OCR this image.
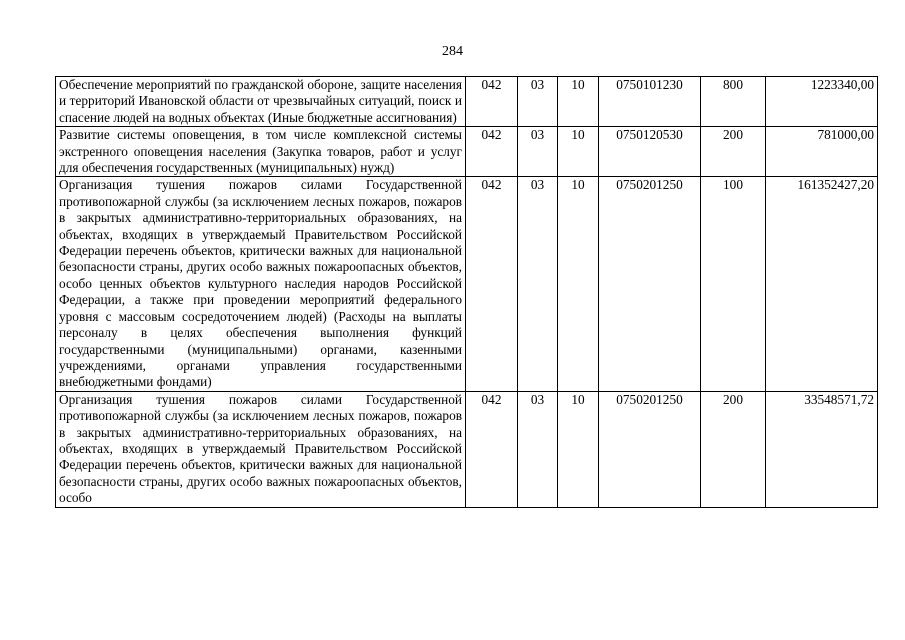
284
Обеспечение мероприятий по гражданской обороне, защите населения и территорий Ивановской области от чрезвычайных ситуаций, поиск и спасение людей на водных объектах (Иные бюджетные ассигнования)	042	03	10	0750101230	800	1223340,00
Развитие системы оповещения, в том числе комплексной системы экстренного оповещения населения (Закупка товаров, работ и услуг для обеспечения государственных (муниципальных) нужд)	042	03	10	0750120530	200	781000,00
Организация тушения пожаров силами Государственной противопожарной службы (за исключением лесных пожаров, пожаров в закрытых административно-территориальных образованиях, на объектах, входящих в утверждаемый Правительством Российской Федерации перечень объектов, критически важных для национальной безопасности страны, других особо важных пожароопасных объектов, особо ценных объектов культурного наследия народов Российской Федерации, а также при проведении мероприятий федерального уровня с массовым сосредоточением людей) (Расходы на выплаты персоналу в целях обеспечения выполнения функций государственными (муниципальными) органами, казенными учреждениями, органами управления государственными внебюджетными фондами)	042	03	10	0750201250	100	161352427,20
Организация тушения пожаров силами Государственной противопожарной службы (за исключением лесных пожаров, пожаров в закрытых административно-территориальных образованиях, на объектах, входящих в утверждаемый Правительством Российской Федерации перечень объектов, критически важных для национальной безопасности страны, других особо важных пожароопасных объектов, особо	042	03	10	0750201250	200	33548571,72
